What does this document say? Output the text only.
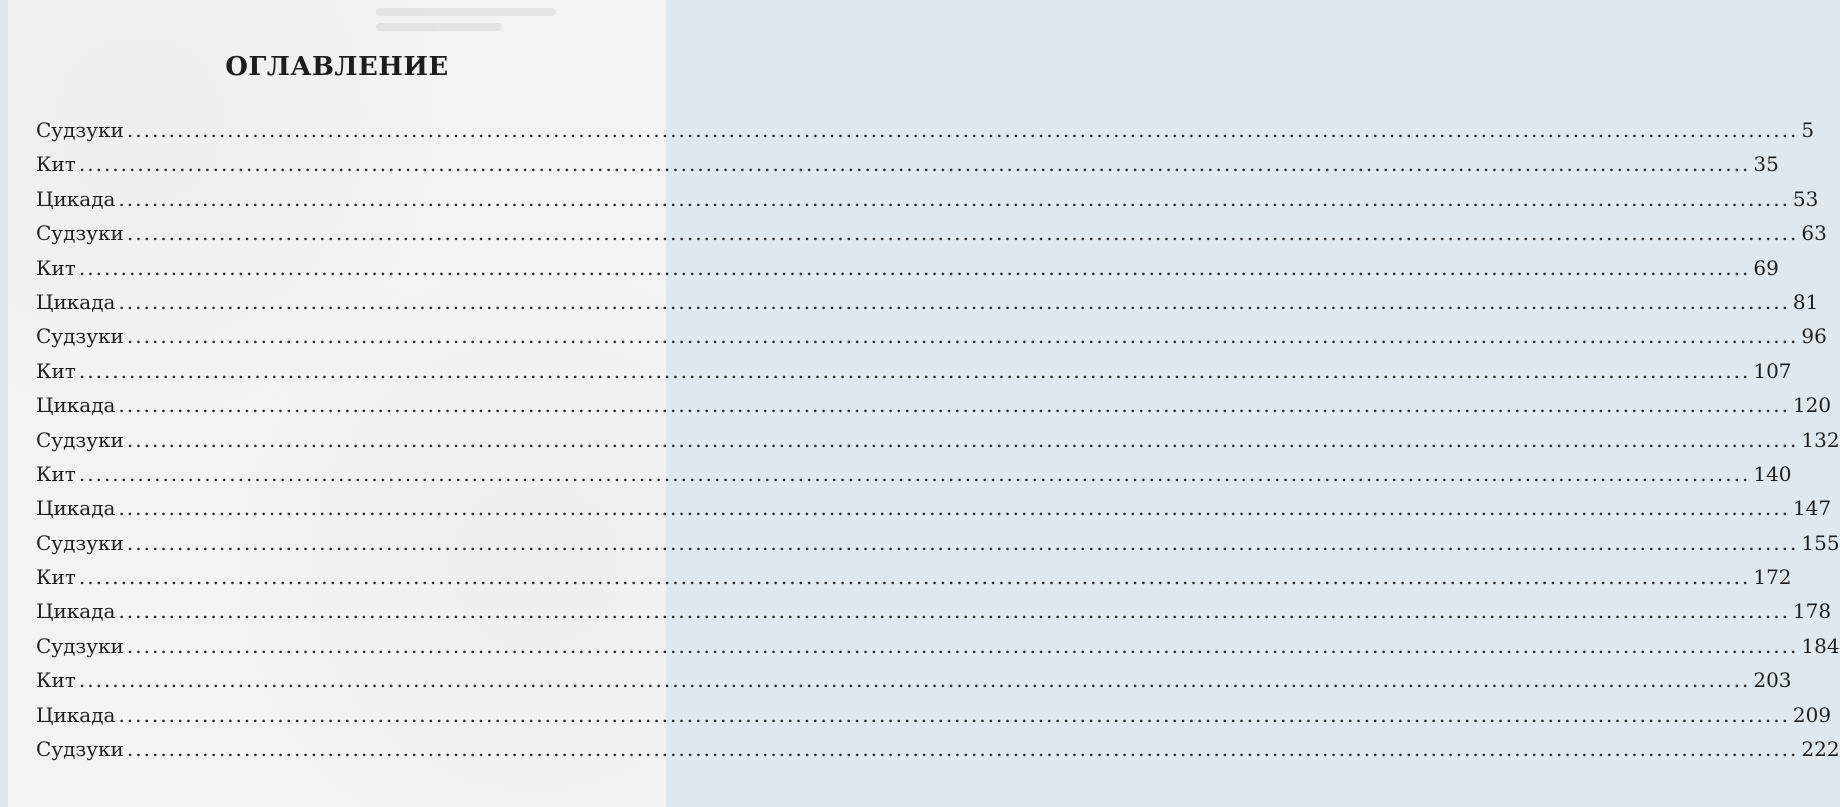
ОГЛАВЛЕНИЕ
Судзуки ........................................................................................................................................................................................................ 5
Кит ........................................................................................................................................................................................................ 35
Цикада ........................................................................................................................................................................................................ 53
Судзуки ........................................................................................................................................................................................................ 63
Кит ........................................................................................................................................................................................................ 69
Цикада ........................................................................................................................................................................................................ 81
Судзуки ........................................................................................................................................................................................................ 96
Кит ........................................................................................................................................................................................................ 107
Цикада ........................................................................................................................................................................................................ 120
Судзуки ........................................................................................................................................................................................................ 132
Кит ........................................................................................................................................................................................................ 140
Цикада ........................................................................................................................................................................................................ 147
Судзуки ........................................................................................................................................................................................................ 155
Кит ........................................................................................................................................................................................................ 172
Цикада ........................................................................................................................................................................................................ 178
Судзуки ........................................................................................................................................................................................................ 184
Кит ........................................................................................................................................................................................................ 203
Цикада ........................................................................................................................................................................................................ 209
Судзуки ........................................................................................................................................................................................................ 222
